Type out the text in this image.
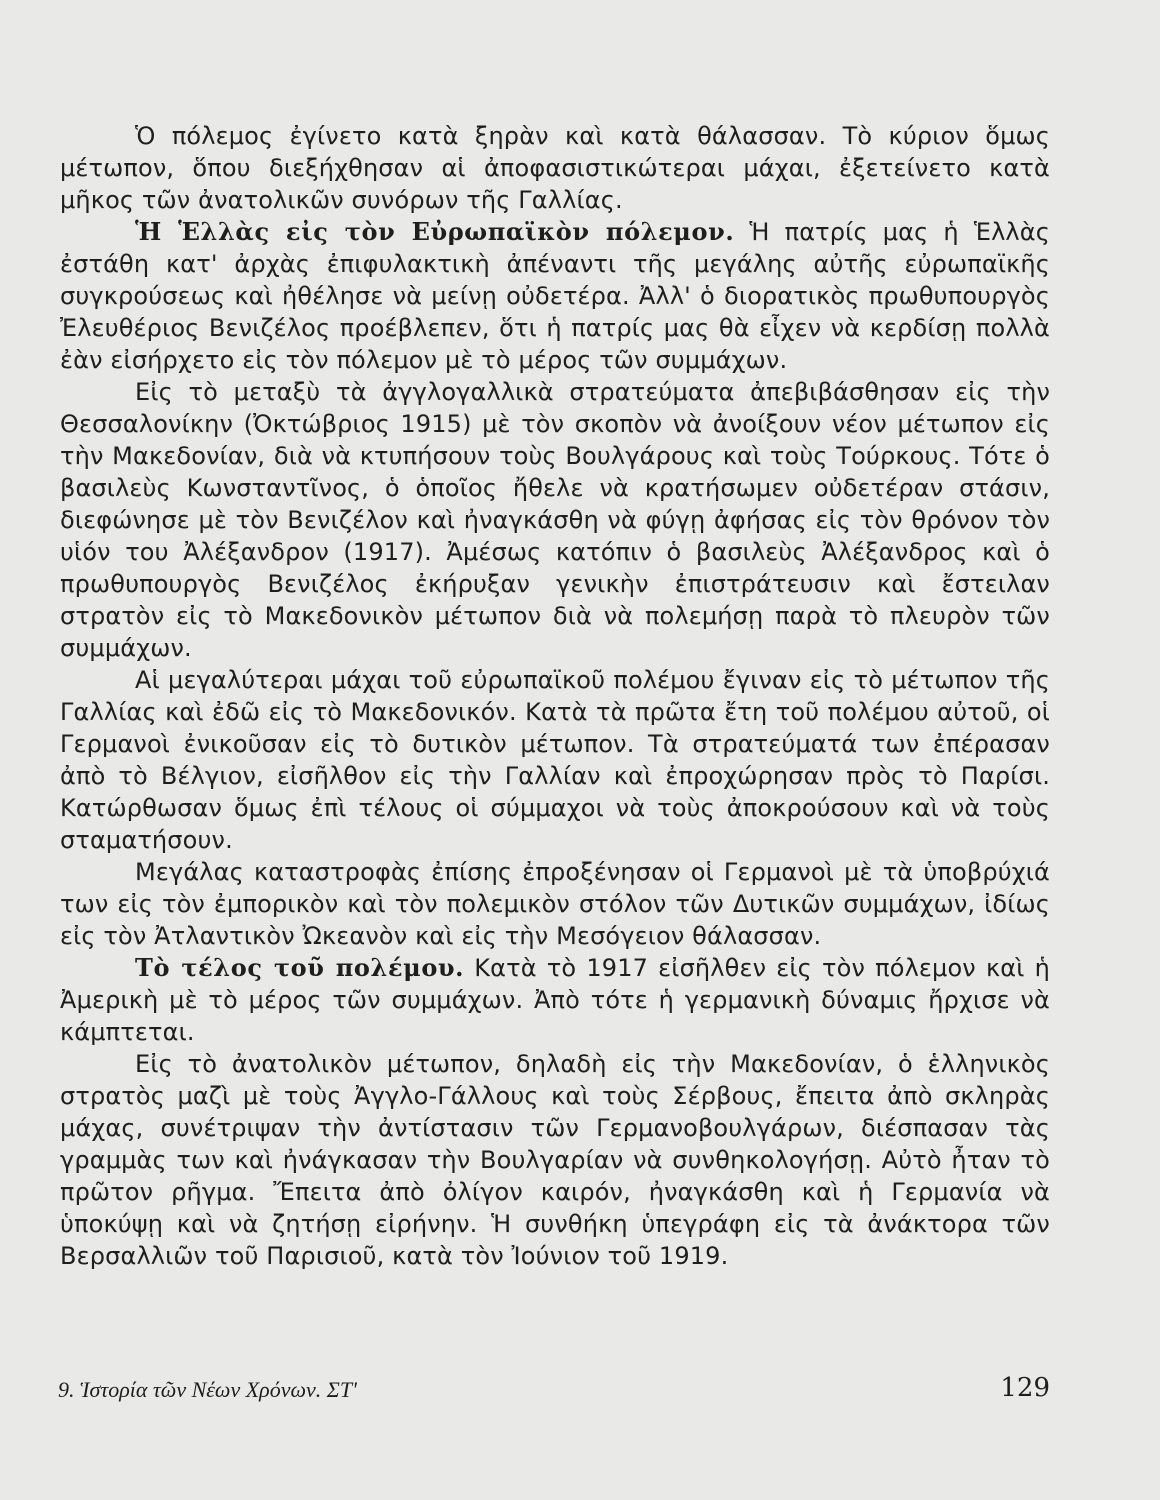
Ὁ πόλεμος ἐγίνετο κατὰ ξηρὰν καὶ κατὰ θάλασσαν. Τὸ κύριον ὅμως μέτωπον, ὅπου διεξήχθησαν αἱ ἀποφασιστικώτεραι μάχαι, ἐξετείνετο κατὰ μῆκος τῶν ἀνατολικῶν συνόρων τῆς Γαλλίας.

Ἡ Ἑλλὰς εἰς τὸν Εὐρωπαϊκὸν πόλεμον. Ἡ πατρίς μας ἡ Ἑλλὰς ἐστάθη κατ' ἀρχὰς ἐπιφυλακτικὴ ἀπέναντι τῆς μεγάλης αὐτῆς εὐρωπαϊκῆς συγκρούσεως καὶ ἠθέλησε νὰ μείνῃ οὐδετέρα. Ἀλλ' ὁ διορατικὸς πρωθυπουργὸς Ἐλευθέριος Βενιζέλος προέβλεπεν, ὅτι ἡ πατρίς μας θὰ εἶχεν νὰ κερδίσῃ πολλὰ ἐὰν εἰσήρχετο εἰς τὸν πόλεμον μὲ τὸ μέρος τῶν συμμάχων.

Εἰς τὸ μεταξὺ τὰ ἀγγλογαλλικὰ στρατεύματα ἀπεβιβάσθησαν εἰς τὴν Θεσσαλονίκην (Ὀκτώβριος 1915) μὲ τὸν σκοπὸν νὰ ἀνοίξουν νέον μέτωπον εἰς τὴν Μακεδονίαν, διὰ νὰ κτυπήσουν τοὺς Βουλγάρους καὶ τοὺς Τούρκους. Τότε ὁ βασιλεὺς Κωνσταντῖνος, ὁ ὁποῖος ἤθελε νὰ κρατήσωμεν οὐδετέραν στάσιν, διεφώνησε μὲ τὸν Βενιζέλον καὶ ἠναγκάσθη νὰ φύγῃ ἀφήσας εἰς τὸν θρόνον τὸν υἱόν του Ἀλέξανδρον (1917). Ἀμέσως κατόπιν ὁ βασιλεὺς Ἀλέξανδρος καὶ ὁ πρωθυπουργὸς Βενιζέλος ἐκήρυξαν γενικὴν ἐπιστράτευσιν καὶ ἔστειλαν στρατὸν εἰς τὸ Μακεδονικὸν μέτωπον διὰ νὰ πολεμήσῃ παρὰ τὸ πλευρὸν τῶν συμμάχων.

Αἱ μεγαλύτεραι μάχαι τοῦ εὐρωπαϊκοῦ πολέμου ἔγιναν εἰς τὸ μέτωπον τῆς Γαλλίας καὶ ἐδῶ εἰς τὸ Μακεδονικόν. Κατὰ τὰ πρῶτα ἔτη τοῦ πολέμου αὐτοῦ, οἱ Γερμανοὶ ἐνικοῦσαν εἰς τὸ δυτικὸν μέτωπον. Τὰ στρατεύματά των ἐπέρασαν ἀπὸ τὸ Βέλγιον, εἰσῆλθον εἰς τὴν Γαλλίαν καὶ ἐπροχώρησαν πρὸς τὸ Παρίσι. Κατώρθωσαν ὅμως ἐπὶ τέλους οἱ σύμμαχοι νὰ τοὺς ἀποκρούσουν καὶ νὰ τοὺς σταματήσουν.

Μεγάλας καταστροφὰς ἐπίσης ἐπροξένησαν οἱ Γερμανοὶ μὲ τὰ ὑποβρύχιά των εἰς τὸν ἐμπορικὸν καὶ τὸν πολεμικὸν στόλον τῶν Δυτικῶν συμμάχων, ἰδίως εἰς τὸν Ἀτλαντικὸν Ὠκεανὸν καὶ εἰς τὴν Μεσόγειον θάλασσαν.

Τὸ τέλος τοῦ πολέμου. Κατὰ τὸ 1917 εἰσῆλθεν εἰς τὸν πόλεμον καὶ ἡ Ἀμερικὴ μὲ τὸ μέρος τῶν συμμάχων. Ἀπὸ τότε ἡ γερμανικὴ δύναμις ἤρχισε νὰ κάμπτεται.

Εἰς τὸ ἀνατολικὸν μέτωπον, δηλαδὴ εἰς τὴν Μακεδονίαν, ὁ ἑλληνικὸς στρατὸς μαζὶ μὲ τοὺς Ἀγγλο-Γάλλους καὶ τοὺς Σέρβους, ἔπειτα ἀπὸ σκληρὰς μάχας, συνέτριψαν τὴν ἀντίστασιν τῶν Γερμανοβουλγάρων, διέσπασαν τὰς γραμμὰς των καὶ ἠνάγκασαν τὴν Βουλγαρίαν νὰ συνθηκολογήσῃ. Αὐτὸ ἦταν τὸ πρῶτον ρῆγμα. Ἔπειτα ἀπὸ ὀλίγον καιρόν, ἠναγκάσθη καὶ ἡ Γερμανία νὰ ὑποκύψῃ καὶ νὰ ζητήσῃ εἰρήνην. Ἡ συνθήκη ὑπεγράφη εἰς τὰ ἀνάκτορα τῶν Βερσαλλιῶν τοῦ Παρισιοῦ, κατὰ τὸν Ἰούνιον τοῦ 1919.

9. Ἱστορία τῶν Νέων Χρόνων. ΣΤ'	129
